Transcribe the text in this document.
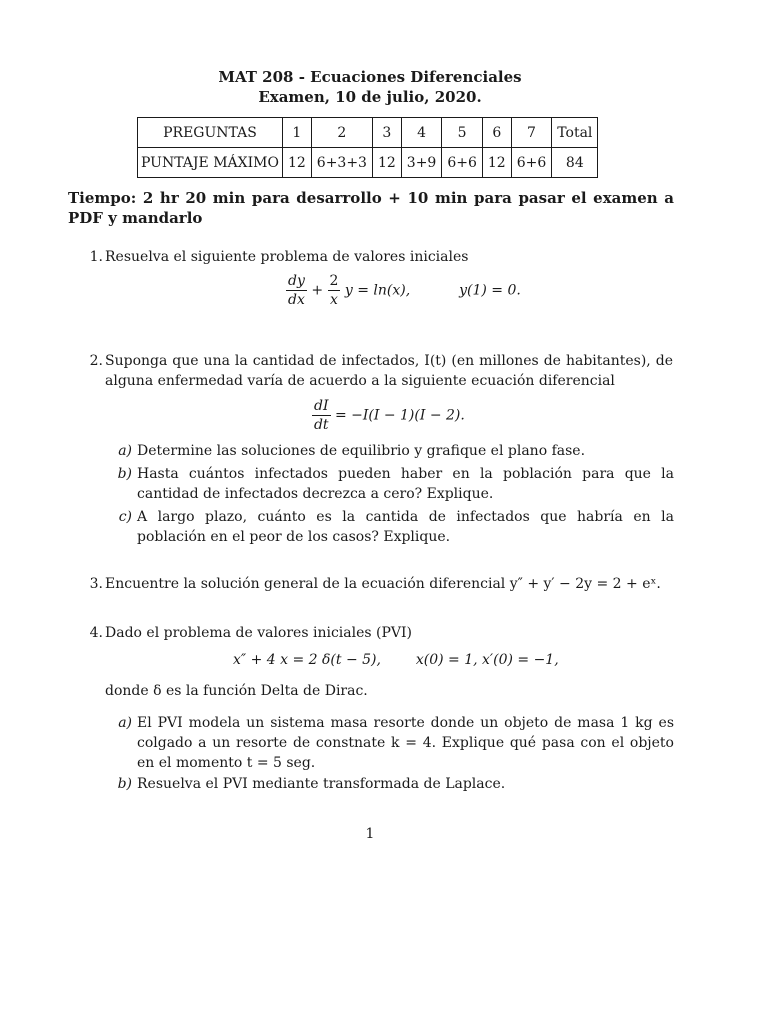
MAT 208 - Ecuaciones Diferenciales
Examen, 10 de julio, 2020.
PREGUNTAS	1	2	3	4	5	6	7	Total
PUNTAJE MÁXIMO	12	6+3+3	12	3+9	6+6	12	6+6	84
Tiempo: 2 hr 20 min para desarrollo + 10 min para pasar el examen a PDF y mandarlo
1. Resuelva el siguiente problema de valores iniciales
$\frac{dy}{dx} + \frac{2}{x}$ y = ln(x),	y(1) = 0.
2. Suponga que una la cantidad de infectados, I(t) (en millones de habitantes), de alguna enfermedad varía de acuerdo a la siguiente ecuación diferencial
$\frac{dI}{dt} = -I(I - 1)(I - 2)$.
a) Determine las soluciones de equilibrio y grafique el plano fase.
b) Hasta cuántos infectados pueden haber en la población para que la cantidad de infectados decrezca a cero? Explique.
c) A largo plazo, cuánto es la cantida de infectados que habría en la población en el peor de los casos? Explique.
3. Encuentre la solución general de la ecuación diferencial y″ + y′ − 2y = 2 + eˣ.
4. Dado el problema de valores iniciales (PVI)
x″ + 4 x = 2 δ(t − 5), x(0) = 1, x′(0) = −1,
donde δ es la función Delta de Dirac.
a) El PVI modela un sistema masa resorte donde un objeto de masa 1 kg es colgado a un resorte de constnate k = 4. Explique qué pasa con el objeto en el momento t = 5 seg.
b) Resuelva el PVI mediante transformada de Laplace.
1
